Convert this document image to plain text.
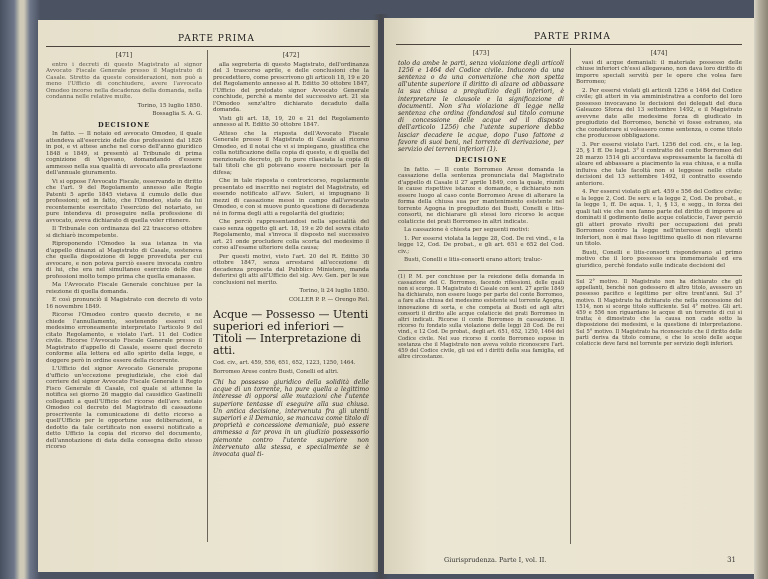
PARTE PRIMA
[471]

entro i decreti di questo Magistrato al signor Avvocato Fiscale Generale presso il Magistrato di Casale. Stretto da queste considerazioni, non può a meno l'Ufficio di conchiudere, avere l'avvocato Omodeo incorso nella decadenza della domanda, nella condanna nelle relative multe.

Torino, 15 luglio 1850.
Bossaglia S. A. G.
DECISIONE

In fatto. — Il notaio ed avvocato Omodeo, il quale attendeva all'esercizio delle due professioni dal 1826 in poi, e vi attese anche nel corso dell'anno giuridico 1848 e 1849, si presentò al Tribunale di prima cognizione di Vigevano, domandando d'essere ammesso nella sua qualità di avvocato alla prestazione dell'annuale giuramento.

Vi si oppose l'Avvocato Fiscale, osservando in diritto che l'art. 9 del Regolamento annesso alle Regie Patenti 5 aprile 1845 vietava il cumulo delle due professioni; ed in fatto, che l'Omodeo, stato da lui recentemente esercitato l'esercizio del notariato, se pure intendeva di proseguire nella professione di avvocato, aveva dichiarato di quella voler ritenere.

Il Tribunale con ordinanza del 22 trascorso ottobre si dichiarò incompetente.

Riproponendo l'Omodeo la sua istanza in via d'appello dinanzi al Magistrato di Casale, sosteneva che quella disposizione di legge proveduta per cui avvocare, e non poteva perciò essere invocata contro di lui, che era nel simultaneo esercizio delle due professioni molto tempo prima che quella emanasse.

Ma l'Avvocato Fiscale Generale conchiuse per la reiezione di quella domanda.

E così pronunciò il Magistrato con decreto di voto 16 novembre 1849.

Ricorse l'Omodeo contro questo decreto, e ne chiede l'annullamento, sostenendo essersi col medesimo erroneamente interpretato l'articolo 9 del citato Regolamento, e violato l'art. 11 del Codice civile. Ricorse l'Avvocato Fiscale Generale presso il Magistrato d'appello di Casale, essere quel decreto conforme alla lettera ed allo spirito della legge, e doggere però in ordine essere della ricorrente.

L'Ufficio del signor Avvocato Generale propone d'ufficio un'eccezione pregiudiziale, che cioè dal corriere del signor Avvocato Fiscale Generale il Regio Fisco Generale di Casale, col quale si attenne la notifica sei giorno 26 maggio dal causidico Gastinelli colleganti a quell'Ufficio del ricorso dell'avv. notaio Omodeo col decreto del Magistrato di cassazione proscrivente la comunicazione di detto ricorso a quell'Ufficio per le opportune sue deliberazioni, e dedotto da tale certificato non essersi notificato a detto Ufficio la copia del ricorso del documento, dell'annotazione di data della consegna dello stesso ricorso

[472]

alla segreteria di questo Magistrato, dell'ordinanza del 3 trascorso aprile, e delle conclusioni che la precedettero, come prescrivono gli articoli 18, 19 e 20 del Regolamento annesso al R. Editto 30 ottobre 1847, l'Ufficio del prelodato signor Avvocato Generale conchiude, perchè a mente del successivo art. 21 sia l'Omodeo senz'altro dichiarato decaduto dalla domanda.

Visti gli art. 18, 19, 20 e 21 del Regolamento annesso al R. Editto 30 ottobre 1847.

Atteso che la risposta dell'Avvocato Fiscale Generale presso il Magistrato di Casale al ricorso Omodeo, ed il notai che vi si impiegano, giustifica che colla notificazione della copia di questo, e di quella del menzionato decreto, gli fu pure rilasciata la copia di tali titoli che gli potevano essere necessari per la difesa;

Che in tale risposta o controricorso, regolarmente presentato ed inscritto nei registri del Magistrato, ed essendo notificato all'avv. Suleri, si impugnano li mezzi di cassazione messi in campo dall'avvocato Omodeo, e con si muove punto questione di decadenza né in forma degli atti a regolarità del giudizio;

Che perciò rappresentandosi nella specialità del caso senza oggetto gli art. 18, 19 e 20 del sovra citato Regolamento, mal s'invoca il disposto nel successivo art. 21 onde procludere colla scorta del medesimo il corso all'esame ulteriore della causa;

Per questi motivi, visto l'art. 20 del R. Editto 30 ottobre 1847, senza arrestarsi all'eccezione di decadenza proposta dal Pubblico Ministero, manda deferirsi gli atti all'Ufficio del sig. Avv. Gen. per le sue conclusioni nel merito.

Torino, li 24 luglio 1850.
COLLER P. P. — Orengo Rel.
Acque — Possesso — Utenti superiori ed inferiori — Titoli — Interpretazione di atti.
Cod. civ., art. 459, 556, 651, 652, 1223, 1250, 1464.
Borromeo Arese contro Busti, Conelli ed altri.
Chi ha possesso giuridico della solidità delle acque di un torrente, ha pure quella a legittimo interesse di opporsi alle mutazioni che l'utente superiore tentasse di eseguire alla sua chiusa. Un antica decisione, intervenuta fra gli utenti superiori e il Demanio, se mancava come titolo di proprietà e concessione demaniale, può essere ammessa a far prova in un giudizio possessorio piemonte contro l'utente superiore non intervenuto alla stessa, e specialmente se è invocata qual ti-
PARTE PRIMA
[473]
tolo da ambe le parti, senza violazione degli articoli 1256 e 1464 del Codice civile. Inducono da una sentenza o da una convenzione che non spetta all'utente superiore il diritto di alzare od abbassare la sua chiusa a pregiudizio degli inferiori, è interpretare le clausole e la significazione di documenti. Non s'ha violazione di legge nella sentenza che ordina (fondandosi sul titolo comune di concessione delle acque ed il disposto dell'articolo 1256) che l'utente superiore debba lasciar decadere le acque, dopo l'uso fattone a favore di suoi beni, nel torrente di derivazione, per servizio dei terreni inferiori (1).
DECISIONE

In fatto. — Il conte Borromeo Arese domanda la cassazione della sentenza pronunciata dal Magistrato d'appello di Casale il 27 aprile 1849, con la quale, riuniti le cause rispettive istanze e domande, e dichiarato non essere luogo al caso conte Borromeo Arese di alterare la forma della chiusa sua per mantenimento esistente nel torrente Agogna in pregiudizio dei Busti, Conelli e litis-consorti, ne dichiarare gli stessi loro ricorso le acque colaticcie dei prati Borromeo in altri indicate.

La cassazione è chiesta per seguenti motivi:

1. Per essersi violata la legge 28, Cod. De rei vind., e la legge 12, Cod. De probat., e gli art. 651 e 652 del Cod. civ.;

Busti, Conelli e litis-consorti erano attori; traluc-

(1) P. M. per conchiuse per la reiezione della domanda in cassazione del C. Borromeo, facendo riflessioni, delle quali non si scorge. Il Magistrato di Casale con sent. 27 aprile 1849 ha dichiarato, non essere luogo per parte del conte Borromeo, a fare alla chiusa del medesimo esistente sul torrente Agogna, innovazione di sorta, e che competa ai Busti ed agli altri consorti il diritto alle acque colaticcie dei prati Borromeo in altri indicati. Ricorse il conte Borromeo in cassazione. Il ricorso fu fondato sulla violazione delle leggi 28 Cod. De rei vind., e 12 Cod. De probat., degli art. 651, 652, 1250, 1464 del Codice civile. Nel suo ricorso il conte Borromeo espose in sostanza che il Magistrato non aveva voluto riconoscere l'art. 459 del Codice civile, gli usi ed i diritti della sua famiglia, ed altre circostanze.
[474]

vasi di acque demaniali: il materiale possesso delle chiuse inferiori ch'essi allegavano, non dava loro diritto di imporre speciali servitù per le opere che volea fare Borromeo;

2. Per essersi violati gli articoli 1256 e 1464 del Codice civile; gli atteri in via amministrativa a conforto del loro possesso invocavano le decisioni dei delegati del duca Galeazzo Sforza del 13 settembre 1492, e il Magistrato avevvne date alle medesime forza di giudicato in pregiudizio del Borromeo, benchè vi fosse estraneo, sia che considerare si volessero come sentenza, o come titolo che producesse obbligazione.

3. Per essersi violato l'art. 1256 del cod. civ., e la leg. 25, § 1 ff. De legat. 3° il contratto del conte Borromeo del 28 marzo 1514 gli accordava espressamente la facoltà di alzare ed abbassare a piacimento la sua chiusa, e a nulla influiva che tale facoltà non si leggesse nelle citate decisioni del 13 settembre 1492, il contratto essendo anteriore.

4. Per essersi violato gli art. 459 e 556 del Codice civile; e la legge 2, Cod. De serv. e la legge 2, Cod. De probat., e la legge 1, ff. De aqua. 1, 1, § 13, e segg., in forza dei quali tali vie che non fanno parte del diritto di imporre ai dominati il godimento delle acque colaticcie, l'aver perciò gli atteri provato rivolti per occupazioni dei prati Borromeo contro la legge nell'interesse degli utenti inferiori, non è mai fisso legittimo quello di non rilevarne un titolo.

Busti, Conelli e litis-consorti rispondevano al primo motivo che il loro possesso era immemoriale ed era giuridico, perchè fondato sulle indicate decisioni del

Sul 2° motivo. Il Magistrato non ha dichiarato che gli appellanti, benchè non godessero di altro titolo, avessero un possesso pacifico e legittimo per oltre trent'anni. Sul 3° motivo. Il Magistrato ha dichiarato che nella concessione del 1514, non si scorge titolo sufficiente. Sul 4° motivo. Gli art. 459 e 556 non riguardano le acque di un torrente di cui si tratta; è dimostrato che la causa non cade sotto la disposizione dei medesimi, e la questione di interpretazione. Sul 5° motivo. Il Magistrato ha riconosciuto che il diritto delle parti deriva da titolo comune, e che lo scolo delle acque colaticcie deve farsi nel torrente per servizio degli inferiori.
Giurisprudenza. Parte I, vol. II.	31
